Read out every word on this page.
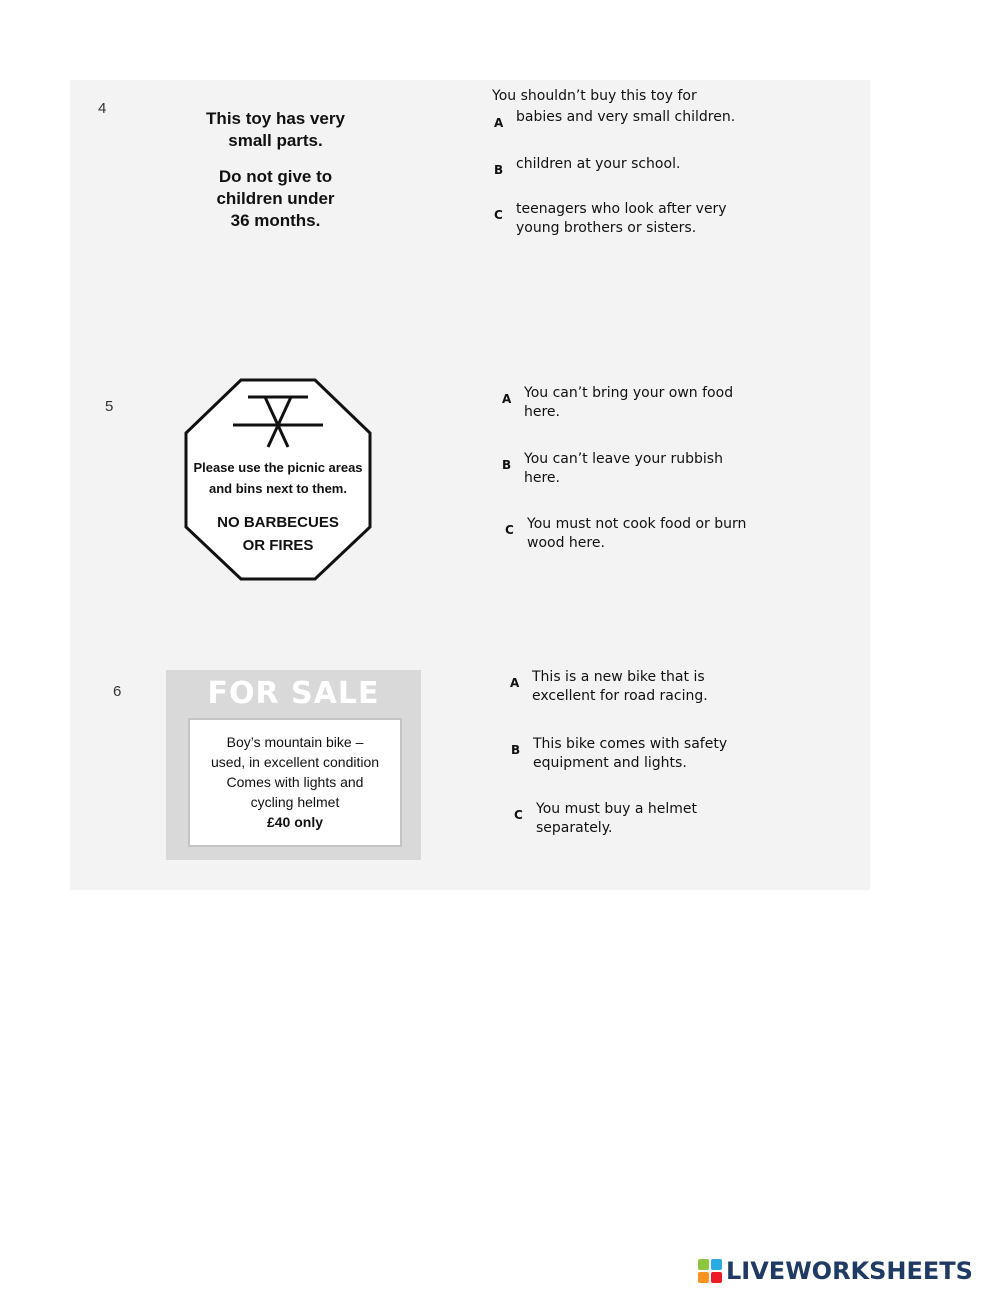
4
You shouldn’t buy this toy for
This toy has very
small parts.
Do not give to
children under
36 months.
A babies and very small children.
B children at your school.
C teenagers who look after very
young brothers or sisters.
5
Please use the picnic areas
and bins next to them.
NO BARBECUES
OR FIRES
A You can’t bring your own food
here.
B You can’t leave your rubbish
here.
C You must not cook food or burn
wood here.
6	FOR SALE
Boy’s mountain bike –
used, in excellent condition
Comes with lights and
cycling helmet
£40 only
A This is a new bike that is
excellent for road racing.
B This bike comes with safety
equipment and lights.
C You must buy a helmet
separately.
LIVEWORKSHEETS
